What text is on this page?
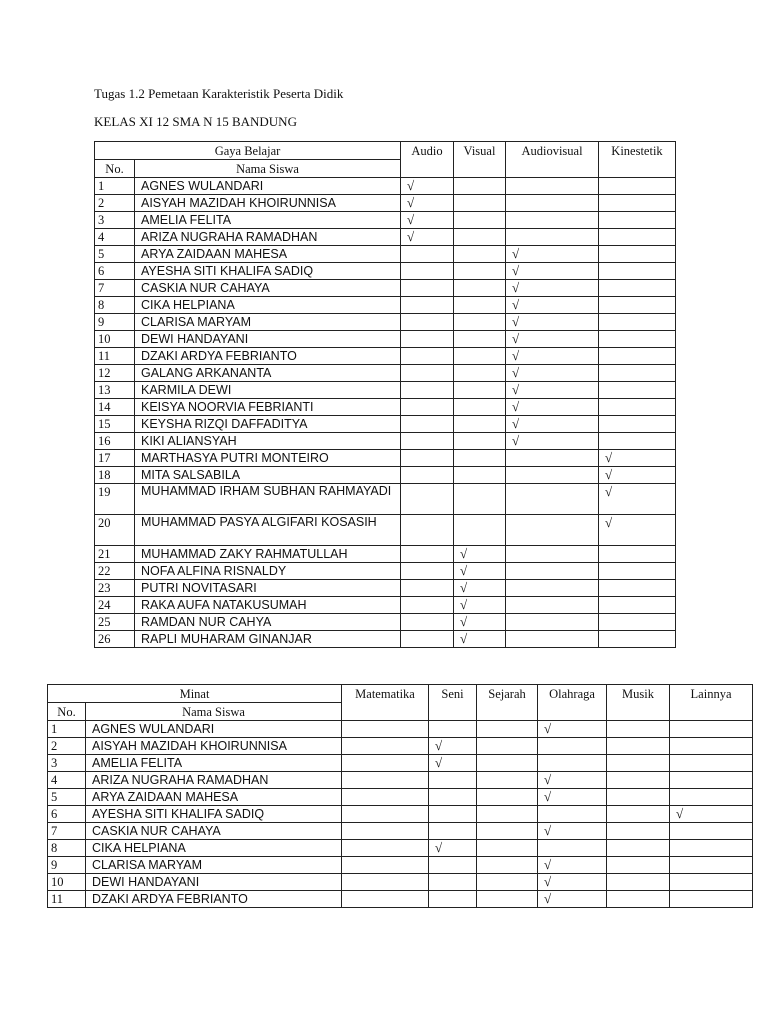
Tugas 1.2 Pemetaan Karakteristik Peserta Didik
KELAS XI 12 SMA N 15 BANDUNG
Gaya Belajar		Audio	Visual	Audiovisual	Kinestetik
No.	Nama Siswa				
1	AGNES WULANDARI	√			
2	AISYAH MAZIDAH KHOIRUNNISA	√			
3	AMELIA FELITA	√			
4	ARIZA NUGRAHA RAMADHAN	√			
5	ARYA ZAIDAAN MAHESA			√	
6	AYESHA SITI KHALIFA SADIQ			√	
7	CASKIA NUR CAHAYA			√	
8	CIKA HELPIANA			√	
9	CLARISA MARYAM			√	
10	DEWI HANDAYANI			√	
11	DZAKI ARDYA FEBRIANTO			√	
12	GALANG ARKANANTA			√	
13	KARMILA DEWI			√	
14	KEISYA NOORVIA FEBRIANTI			√	
15	KEYSHA RIZQI DAFFADITYA			√	
16	KIKI ALIANSYAH			√	
17	MARTHASYA PUTRI MONTEIRO				√
18	MITA SALSABILA				√
19	MUHAMMAD IRHAM SUBHAN RAHMAYADI				√
20	MUHAMMAD PASYA ALGIFARI KOSASIH				√
21	MUHAMMAD ZAKY RAHMATULLAH		√		
22	NOFA ALFINA RISNALDY		√		
23	PUTRI NOVITASARI		√		
24	RAKA AUFA NATAKUSUMAH		√		
25	RAMDAN NUR CAHYA		√		
26	RAPLI MUHARAM GINANJAR		√		
Minat		Matematika	Seni	Sejarah	Olahraga	Musik	Lainnya
No.	Nama Siswa						
1	AGNES WULANDARI				√		
2	AISYAH MAZIDAH KHOIRUNNISA		√				
3	AMELIA FELITA		√				
4	ARIZA NUGRAHA RAMADHAN				√		
5	ARYA ZAIDAAN MAHESA				√		
6	AYESHA SITI KHALIFA SADIQ						√
7	CASKIA NUR CAHAYA				√		
8	CIKA HELPIANA		√				
9	CLARISA MARYAM				√		
10	DEWI HANDAYANI				√		
11	DZAKI ARDYA FEBRIANTO				√		
